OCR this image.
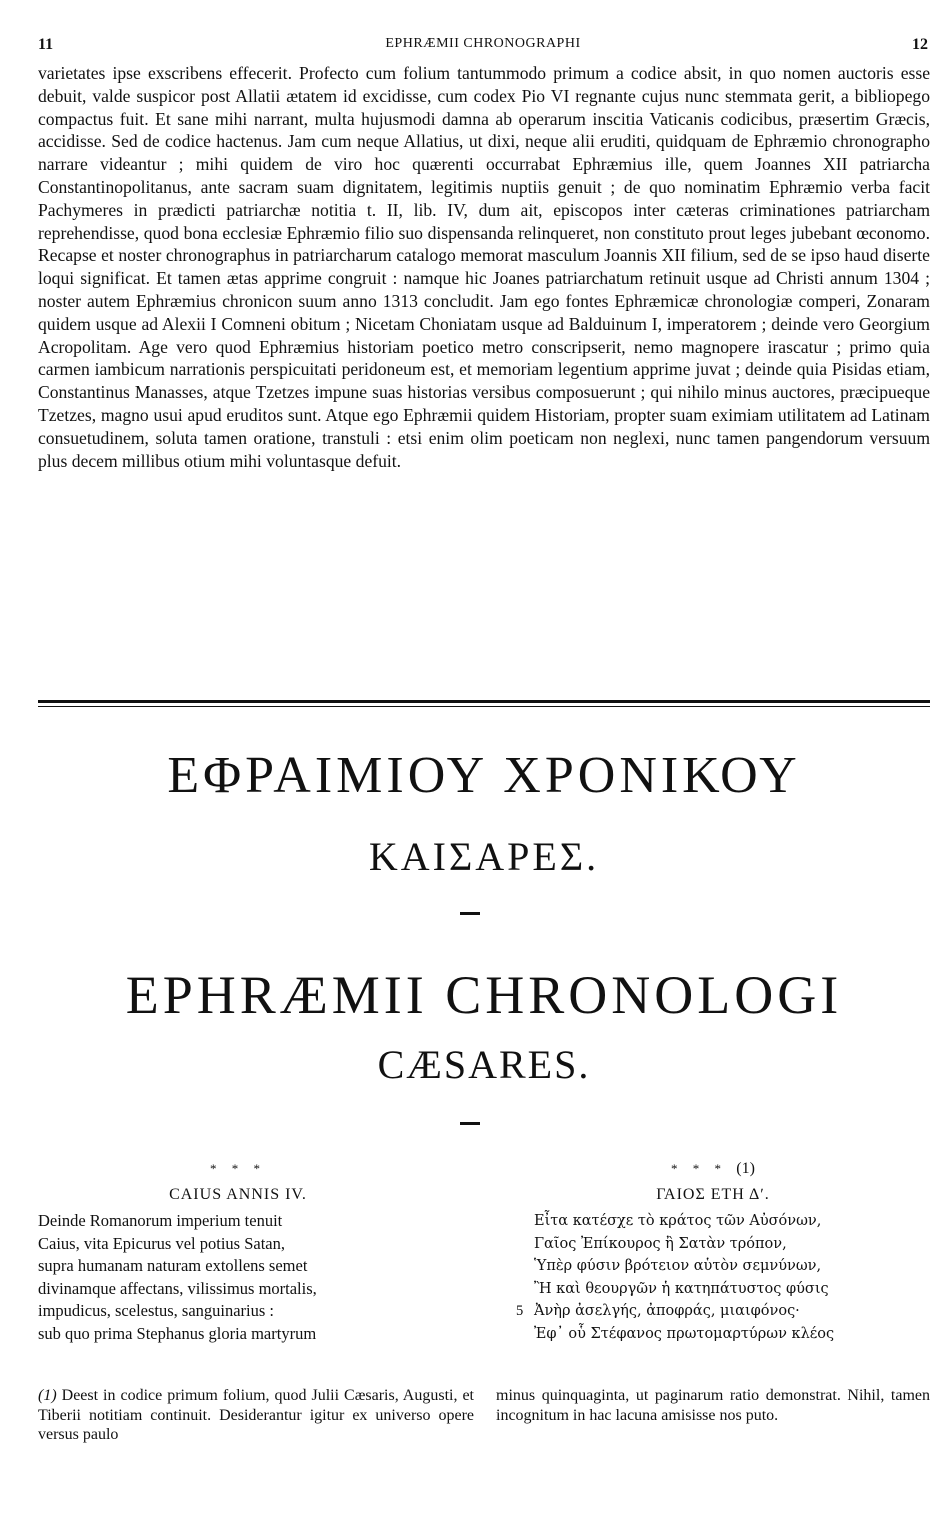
11	EPHRÆMII CHRONOGRAPHI	12

varietates ipse exscribens effecerit. Profecto cum folium tantummodo primum a codice absit, in quo nomen auctoris esse debuit, valde suspicor post Allatii ætatem id excidisse, cum codex Pio VI regnante cujus nunc stemmata gerit, a bibliopego compactus fuit. Et sane mihi narrant, multa hujusmodi damna ab operarum inscitia Vaticanis codicibus, præsertim Græcis, accidisse. Sed de codice hactenus. Jam cum neque Allatius, ut dixi, neque alii eruditi, quidquam de Ephræmio chronographo narrare videantur ; mihi quidem de viro hoc quærenti occurrabat Ephræmius ille, quem Joannes XII patriarcha Constantinopolitanus, ante sacram suam dignitatem, legitimis nuptiis genuit ; de quo nominatim Ephræmio verba facit Pachymeres in prædicti patriarchæ notitia t. II, lib. IV, dum ait, episcopos inter cæteras criminationes patriarcham reprehendisse, quod bona ecclesiæ Ephræmio filio suo dispensanda relinqueret, non constituto prout leges jubebant œconomo. Recapse et noster chronographus in patriarcharum catalogo memorat masculum Joannis XII filium, sed de se ipso haud diserte loqui significat. Et tamen ætas apprime congruit : namque hic Joanes patriarchatum retinuit usque ad Christi annum 1304 ; noster autem Ephræmius chronicon suum anno 1313 concludit. Jam ego fontes Ephræmicæ chronologiæ comperi, Zonaram quidem usque ad Alexii I Comneni obitum ; Nicetam Choniatam usque ad Balduinum I, imperatorem ; deinde vero Georgium Acropolitam. Age vero quod Ephræmius historiam poetico metro conscripserit, nemo magnopere irascatur ; primo quia carmen iambicum narrationis perspicuitati peridoneum est, et memoriam legentium apprime juvat ; deinde quia Pisidas etiam, Constantinus Manasses, atque Tzetzes impune suas historias versibus composuerunt ; qui nihilo minus auctores, præcipueque Tzetzes, magno usui apud eruditos sunt. Atque ego Ephræmii quidem Historiam, propter suam eximiam utilitatem ad Latinam consuetudinem, soluta tamen oratione, transtuli : etsi enim olim poeticam non neglexi, nunc tamen pangendorum versuum plus decem millibus otium mihi voluntasque defuit.

ΕΦΡΑΙΜΙΟΥ ΧΡΟΝΙΚΟΥ
ΚΑΙΣΑΡΕΣ.
EPHRÆMII CHRONOLOGI
CÆSARES.
* * *
CAIUS ANNIS IV.
Deinde Romanorum imperium tenuit
Caius, vita Epicurus vel potius Satan,
supra humanam naturam extollens semet
divinamque affectans, vilissimus mortalis,
impudicus, scelestus, sanguinarius :
sub quo prima Stephanus gloria martyrum
* * * (1)
ΓΑΙΟΣ ΕΤΗ Δʹ.
Εἶτα κατέσχε τὸ κράτος τῶν Αὐσόνων,
Γαῖος Ἐπίκουρος ἢ Σατὰν τρόπον,
Ὑπὲρ φύσιν βρότειον αὑτὸν σεμνύνων,
Ἢ καὶ θεουργῶν ἡ κατηπάτυστος φύσις
5 Ἀνὴρ ἀσελγής, ἀποφράς, μιαιφόνος·
Ἐφ᾽ οὗ Στέφανος πρωτομαρτύρων κλέος

(1) Deest in codice primum folium, quod Julii Cæsaris, Augusti, et Tiberii notitiam continuit. Desiderantur igitur ex universo opere versus paulo

minus quinquaginta, ut paginarum ratio demonstrat. Nihil, tamen incognitum in hac lacuna amisisse nos puto.
